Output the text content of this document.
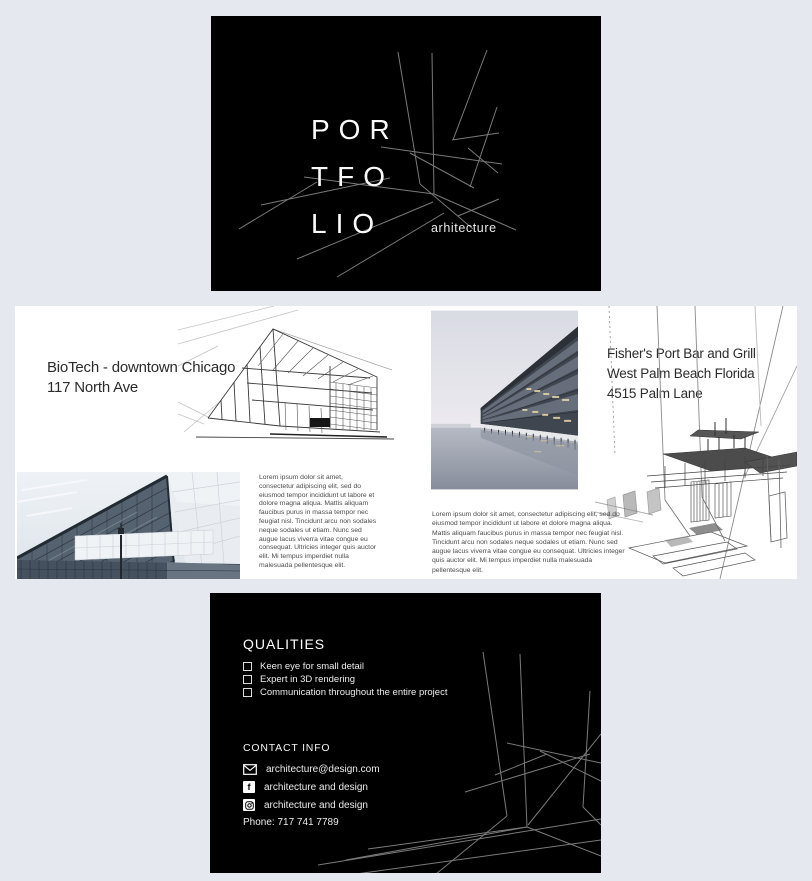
POR
TFO
LIO	arhitecture
BioTech - downtown Chicago
117 North Ave

Lorem ipsum dolor sit amet, consectetur adipiscing elit, sed do eiusmod tempor incididunt ut labore et dolore magna aliqua. Mattis aliquam faucibus purus in massa tempor nec feugiat nisl. Tincidunt arcu non sodales neque sodales ut etiam. Nunc sed augue lacus viverra vitae congue eu consequat. Ultricies integer quis auctor elit. Mi tempus imperdiet nulla malesuada pellentesque elit.

Fisher's Port Bar and Grill
West Palm Beach Florida
4515 Palm Lane

Lorem ipsum dolor sit amet, consectetur adipiscing elit, sed do eiusmod tempor incididunt ut labore et dolore magna aliqua. Mattis aliquam faucibus purus in massa tempor nec feugiat nisl. Tincidunt arcu non sodales neque sodales ut etiam. Nunc sed augue lacus viverra vitae congue eu consequat. Ultricies integer quis auctor elit. Mi tempus imperdiet nulla malesuada pellentesque elit.

QUALITIES
Keen eye for small detail
Expert in 3D rendering
Communication throughout the entire project
CONTACT INFO
architecture@design.com
f architecture and design
architecture and design
Phone: 717 741 7789
